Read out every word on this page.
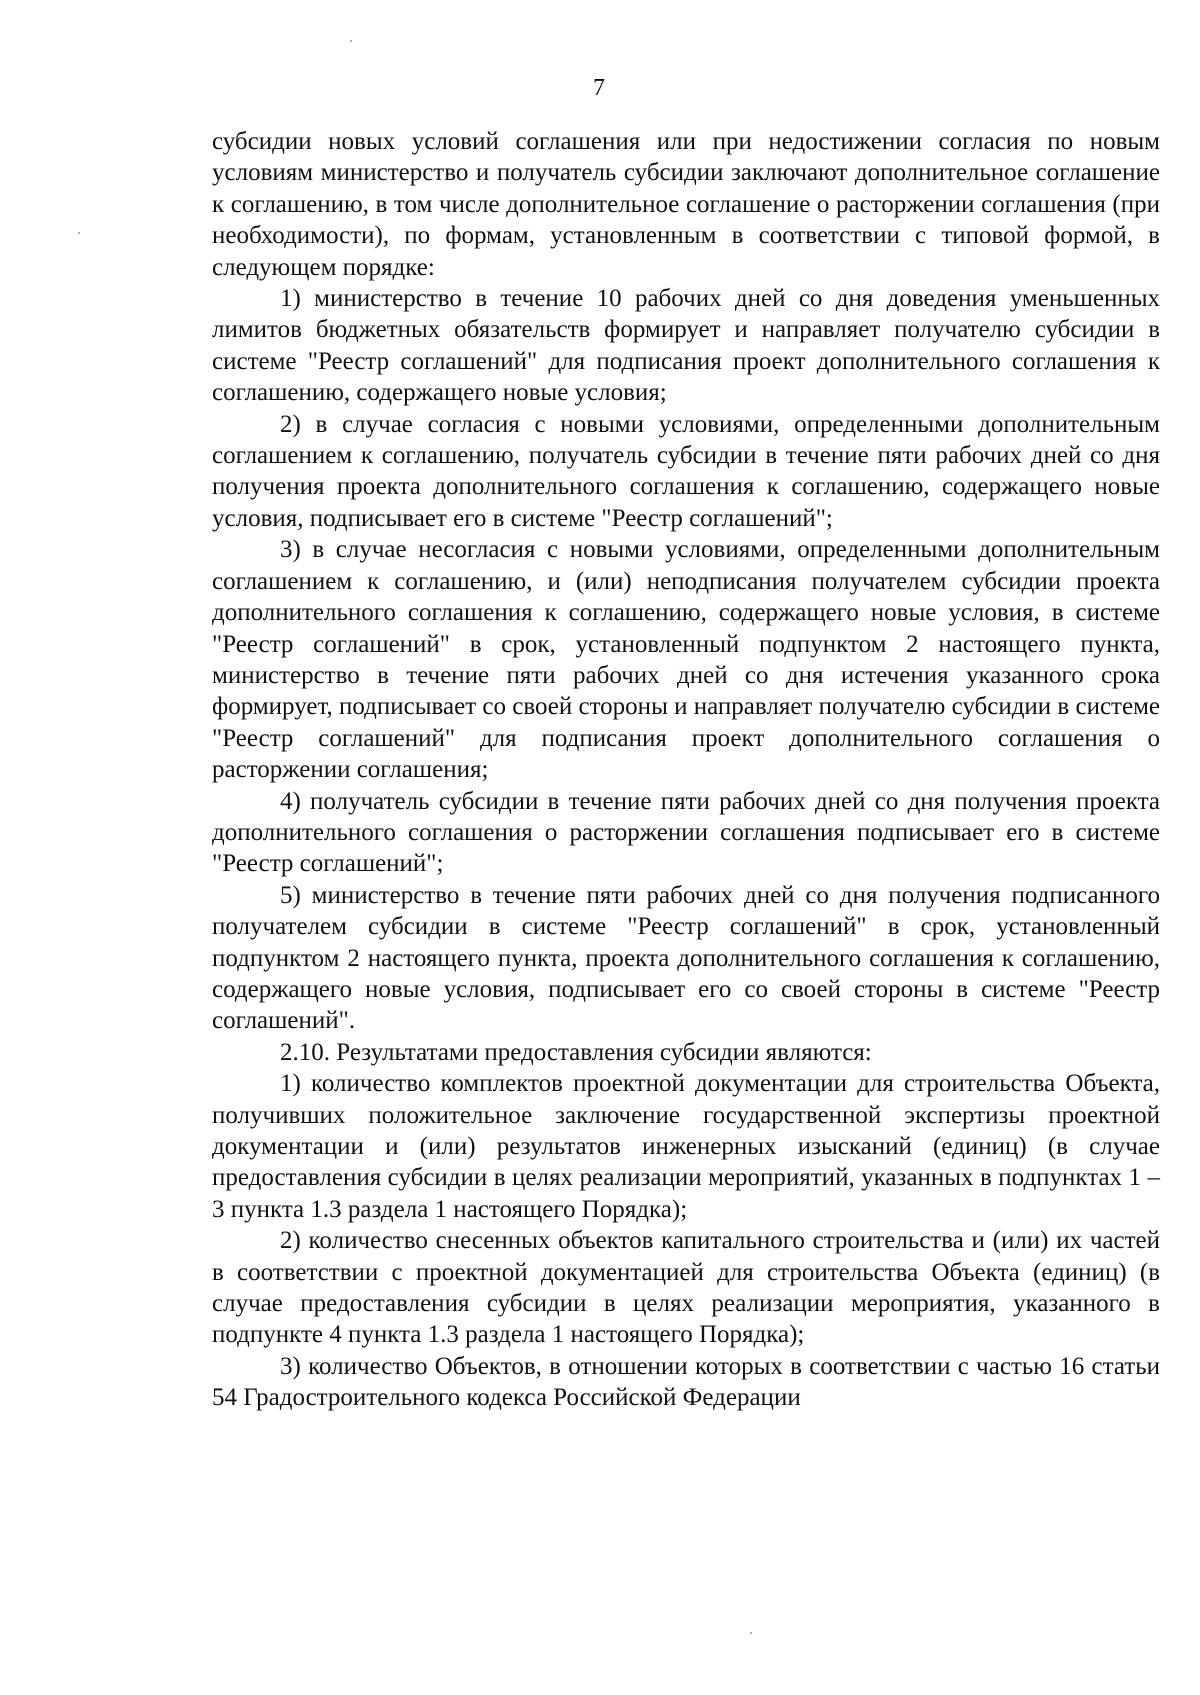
7

субсидии новых условий соглашения или при недостижении согласия по новым условиям министерство и получатель субсидии заключают дополнительное соглашение к соглашению, в том числе дополнительное соглашение о расторжении соглашения (при необходимости), по формам, установленным в соответствии с типовой формой, в следующем порядке:

1) министерство в течение 10 рабочих дней со дня доведения уменьшенных лимитов бюджетных обязательств формирует и направляет получателю субсидии в системе "Реестр соглашений" для подписания проект дополнительного соглашения к соглашению, содержащего новые условия;

2) в случае согласия с новыми условиями, определенными дополнительным соглашением к соглашению, получатель субсидии в течение пяти рабочих дней со дня получения проекта дополнительного соглашения к соглашению, содержащего новые условия, подписывает его в системе "Реестр соглашений";

3) в случае несогласия с новыми условиями, определенными дополнительным соглашением к соглашению, и (или) неподписания получателем субсидии проекта дополнительного соглашения к соглашению, содержащего новые условия, в системе "Реестр соглашений" в срок, установленный подпунктом 2 настоящего пункта, министерство в течение пяти рабочих дней со дня истечения указанного срока формирует, подписывает со своей стороны и направляет получателю субсидии в системе "Реестр соглашений" для подписания проект дополнительного соглашения о расторжении соглашения;

4) получатель субсидии в течение пяти рабочих дней со дня получения проекта дополнительного соглашения о расторжении соглашения подписывает его в системе "Реестр соглашений";

5) министерство в течение пяти рабочих дней со дня получения подписанного получателем субсидии в системе "Реестр соглашений" в срок, установленный подпунктом 2 настоящего пункта, проекта дополнительного соглашения к соглашению, содержащего новые условия, подписывает его со своей стороны в системе "Реестр соглашений".

2.10. Результатами предоставления субсидии являются:

1) количество комплектов проектной документации для строительства Объекта, получивших положительное заключение государственной экспертизы проектной документации и (или) результатов инженерных изысканий (единиц) (в случае предоставления субсидии в целях реализации мероприятий, указанных в подпунктах 1 – 3 пункта 1.3 раздела 1 настоящего Порядка);

2) количество снесенных объектов капитального строительства и (или) их частей в соответствии с проектной документацией для строительства Объекта (единиц) (в случае предоставления субсидии в целях реализации мероприятия, указанного в подпункте 4 пункта 1.3 раздела 1 настоящего Порядка);

3) количество Объектов, в отношении которых в соответствии с частью 16 статьи 54 Градостроительного кодекса Российской Федерации
